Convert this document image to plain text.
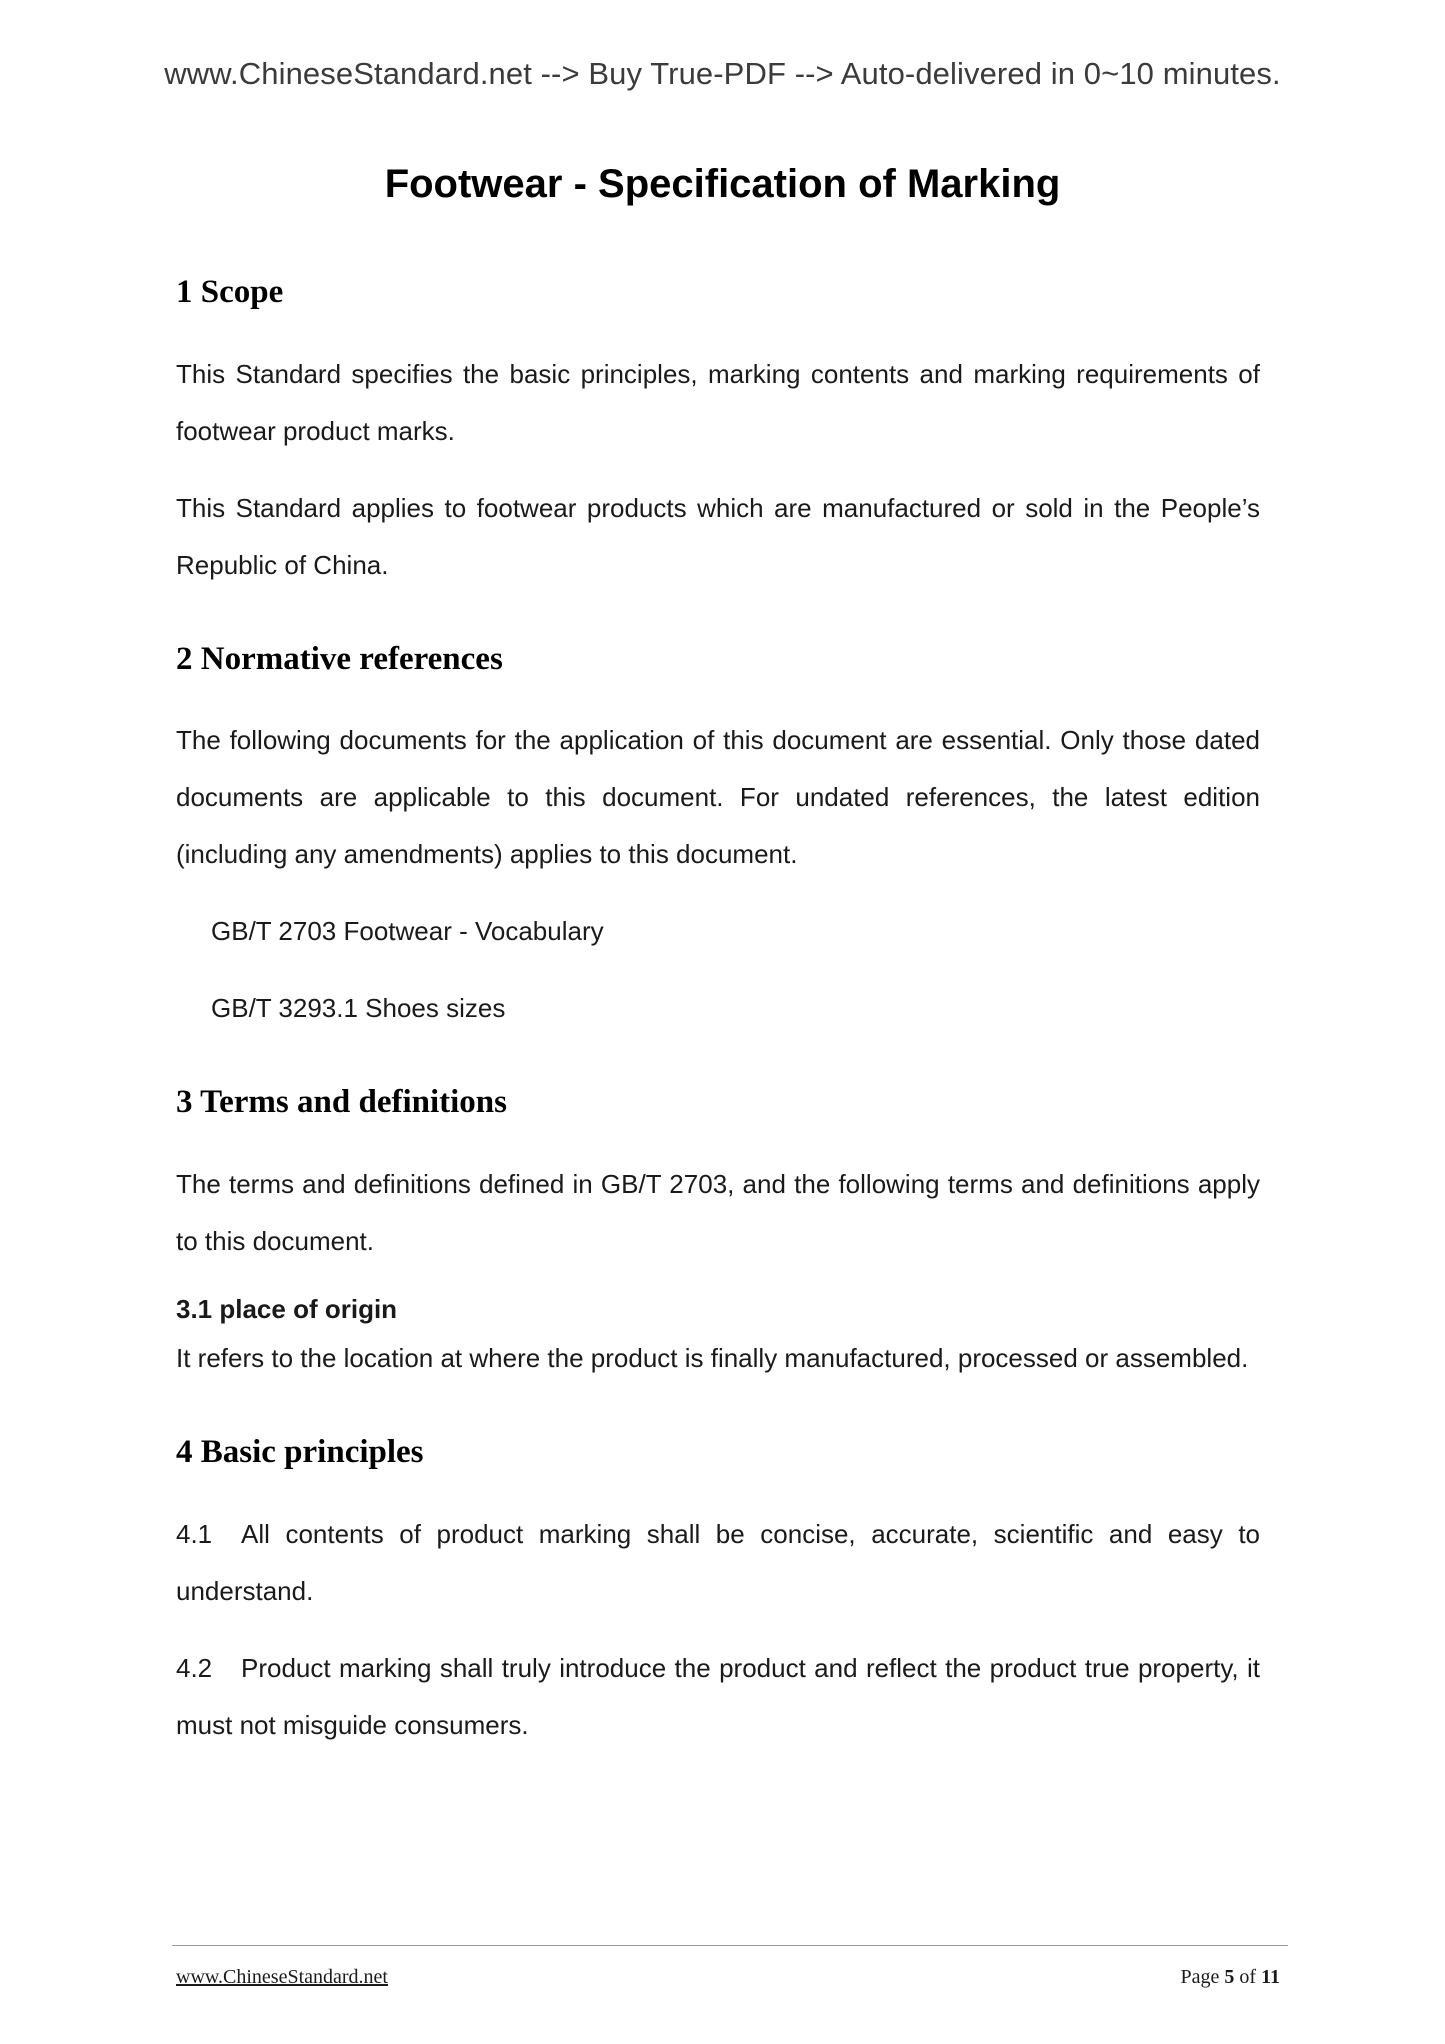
www.ChineseStandard.net --> Buy True-PDF --> Auto-delivered in 0~10 minutes.
Footwear - Specification of Marking
1 Scope

This Standard specifies the basic principles, marking contents and marking requirements of footwear product marks.

This Standard applies to footwear products which are manufactured or sold in the People’s Republic of China.

2 Normative references

The following documents for the application of this document are essential. Only those dated documents are applicable to this document. For undated references, the latest edition (including any amendments) applies to this document.

GB/T 2703 Footwear - Vocabulary

GB/T 3293.1 Shoes sizes

3 Terms and definitions

The terms and definitions defined in GB/T 2703, and the following terms and definitions apply to this document.

3.1 place of origin

It refers to the location at where the product is finally manufactured, processed or assembled.

4 Basic principles

4.1 All contents of product marking shall be concise, accurate, scientific and easy to understand.

4.2 Product marking shall truly introduce the product and reflect the product true property, it must not misguide consumers.

www.ChineseStandard.net	Page 5 of 11
